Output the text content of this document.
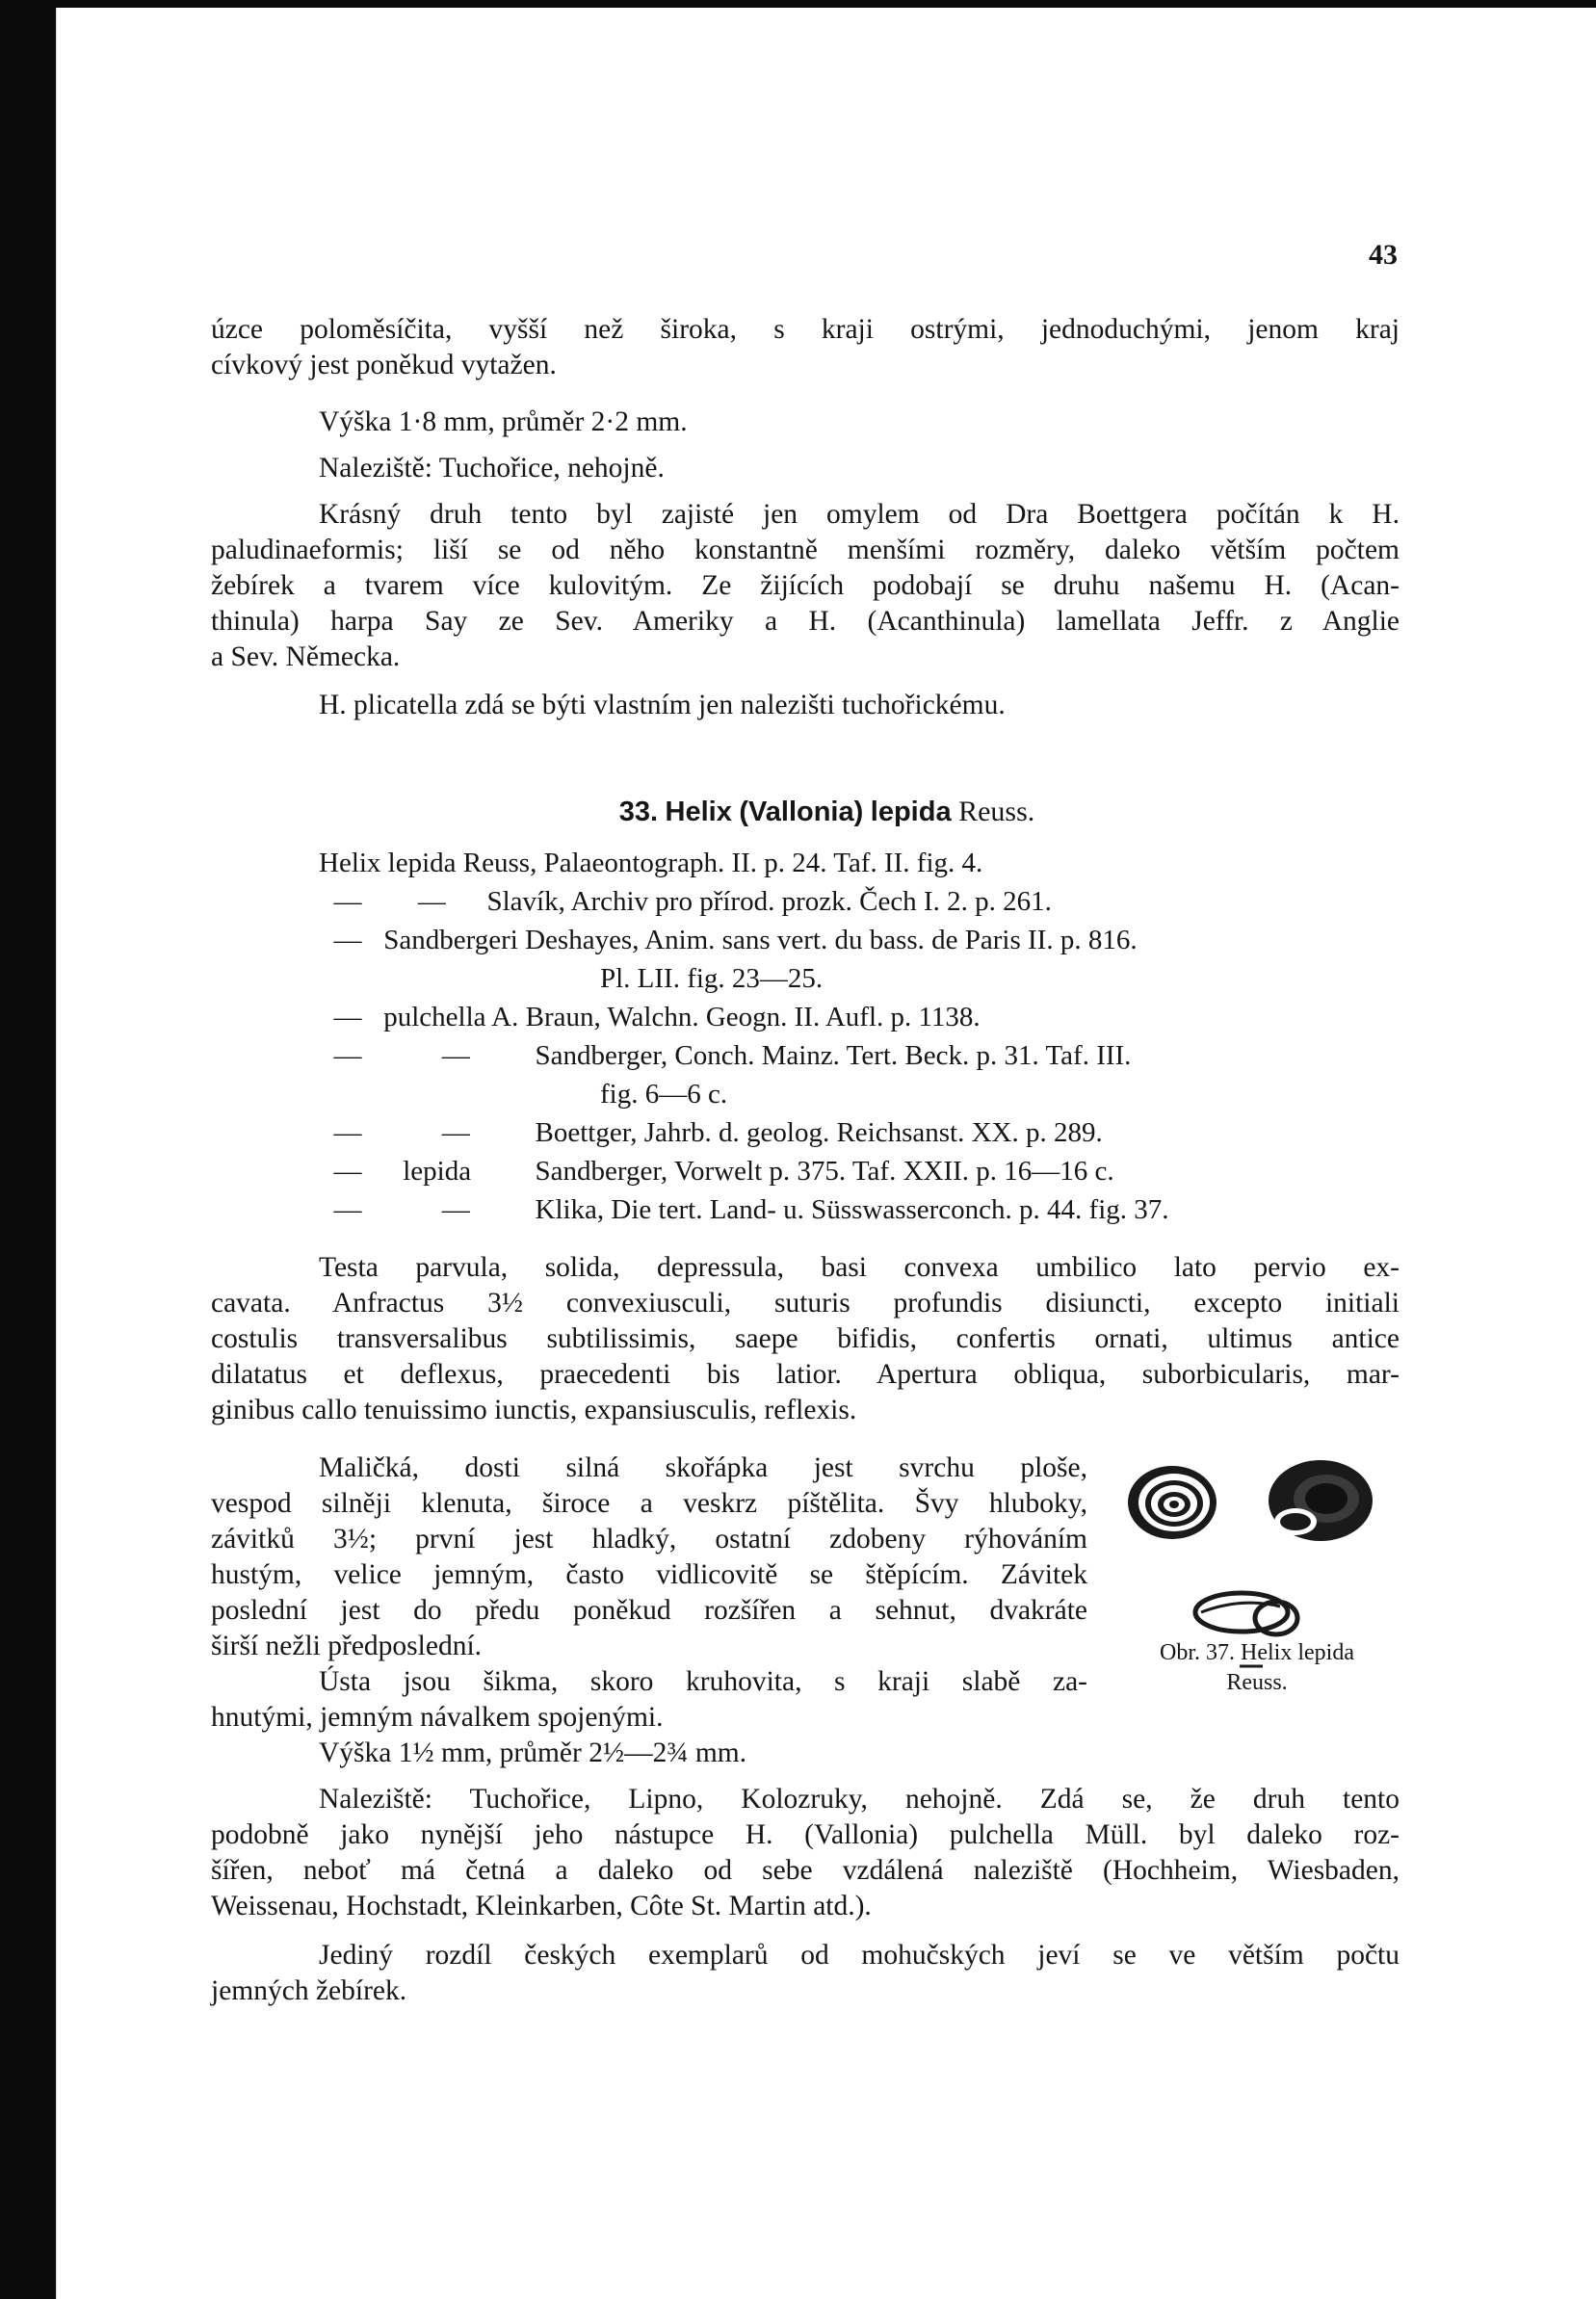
43
úzce poloměsíčita, vyšší než široka, s kraji ostrými, jednoduchými, jenom kraj
cívkový jest poněkud vytažen.
Výška 1·8 mm, průměr 2·2 mm.
Naleziště: Tuchořice, nehojně.
Krásný druh tento byl zajisté jen omylem od Dra Boettgera počítán k H.
paludinaeformis; liší se od něho konstantně menšími rozměry, daleko větším počtem
žebírek a tvarem více kulovitým. Ze žijících podobají se druhu našemu H. (Acan-
thinula) harpa Say ze Sev. Ameriky a H. (Acanthinula) lamellata Jeffr. z Anglie
a Sev. Německa.
H. plicatella zdá se býti vlastním jen nalezišti tuchořickému.
33. Helix (Vallonia) lepida Reuss.
Helix lepida Reuss, Palaeontograph. II. p. 24. Taf. II. fig. 4.
— — Slavík, Archiv pro přírod. prozk. Čech I. 2. p. 261.
— Sandbergeri Deshayes, Anim. sans vert. du bass. de Paris II. p. 816.
Pl. LII. fig. 23—25.
— pulchella A. Braun, Walchn. Geogn. II. Aufl. p. 1138.
—	— Sandberger, Conch. Mainz. Tert. Beck. p. 31. Taf. III.
fig. 6—6 c.
—	— Boettger, Jahrb. d. geolog. Reichsanst. XX. p. 289.
— lepida Sandberger, Vorwelt p. 375. Taf. XXII. p. 16—16 c.
—	— Klika, Die tert. Land- u. Süsswasserconch. p. 44. fig. 37.
Testa parvula, solida, depressula, basi convexa umbilico lato pervio ex-
cavata. Anfractus 3½ convexiusculi, suturis profundis disiuncti, excepto initiali
costulis transversalibus subtilissimis, saepe bifidis, confertis ornati, ultimus antice
dilatatus et deflexus, praecedenti bis latior. Apertura obliqua, suborbicularis, mar-
ginibus callo tenuissimo iunctis, expansiusculis, reflexis.
Maličká, dosti silná skořápka jest svrchu ploše,
vespod silněji klenuta, široce a veskrz píštělita. Švy hluboky,
závitků 3½; první jest hladký, ostatní zdobeny rýhováním
hustým, velice jemným, často vidlicovitě se štěpícím. Závitek
poslední jest do předu poněkud rozšířen a sehnut, dvakráte
širší nežli předposlední.
Ústa jsou šikma, skoro kruhovita, s kraji slabě za-
hnutými, jemným návalkem spojenými.
Obr. 37. Helix lepida
Reuss.
Výška 1½ mm, průměr 2½—2¾ mm.
Naleziště: Tuchořice, Lipno, Kolozruky, nehojně. Zdá se, že druh tento
podobně jako nynější jeho nástupce H. (Vallonia) pulchella Müll. byl daleko roz-
šířen, neboť má četná a daleko od sebe vzdálená naleziště (Hochheim, Wiesbaden,
Weissenau, Hochstadt, Kleinkarben, Côte St. Martin atd.).
Jediný rozdíl českých exemplarů od mohučských jeví se ve větším počtu
jemných žebírek.
